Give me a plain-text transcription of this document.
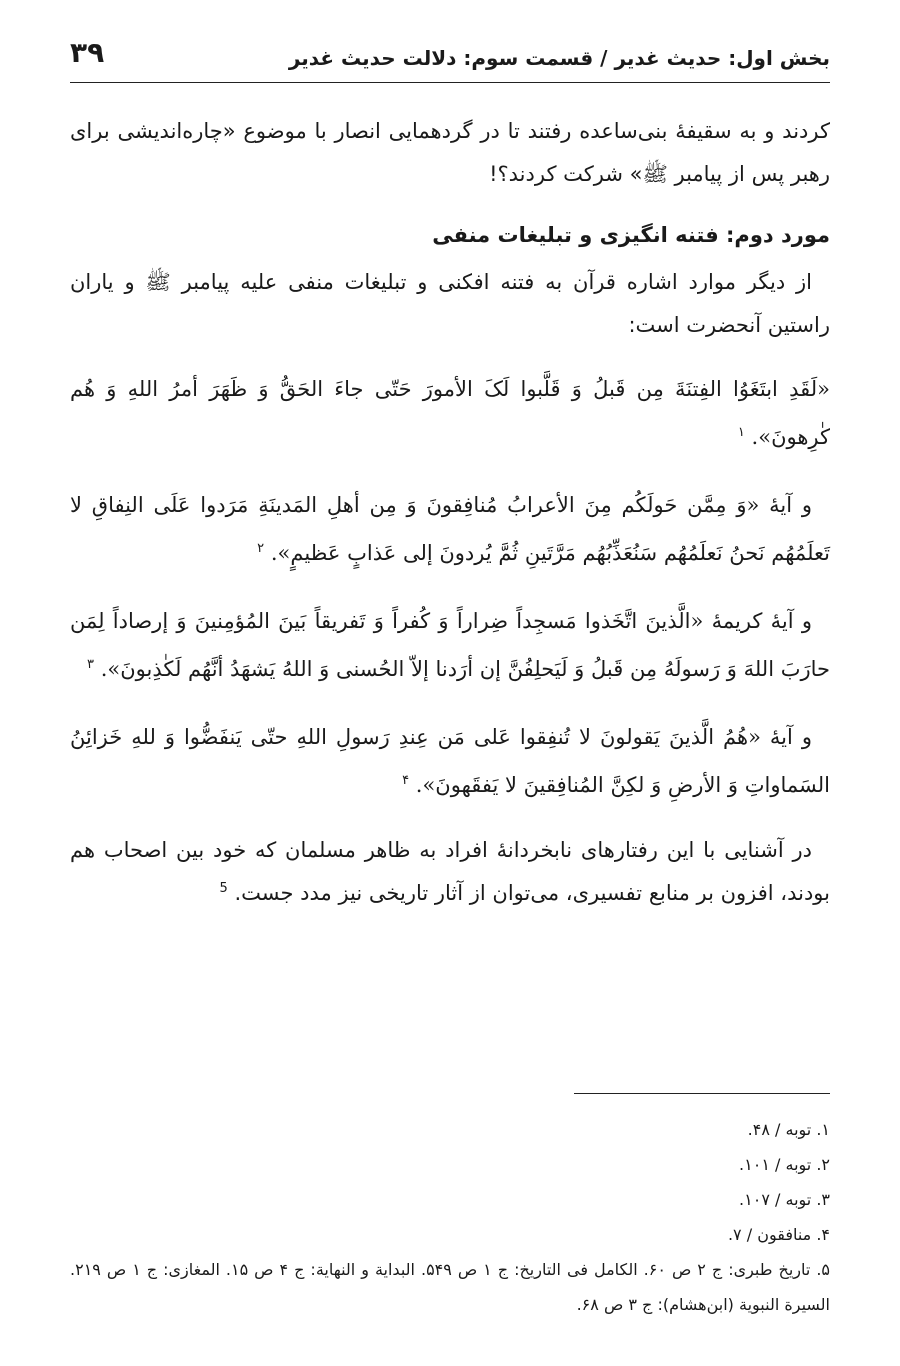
۳۹	بخش اول: حدیث غدیر / قسمت سوم: دلالت حدیث غدیر

کردند و به سقیفهٔ بنی‌ساعده رفتند تا در گردهمایی انصار با موضوع «چاره‌اندیشی برای رهبر پس از پیامبر ﷺ» شرکت کردند؟!

مورد دوم: فتنه انگیزی و تبلیغات منفی

از دیگر موارد اشاره قرآن به فتنه افکنی و تبلیغات منفی علیه پیامبر ﷺ و یاران راستین آنحضرت است:

«لَقَدِ ابتَغَوُا الفِتنَةَ مِن قَبلُ وَ قَلَّبوا لَکَ الأمورَ حَتّی جاءَ الحَقُّ وَ ظَهَرَ أمرُ اللهِ وَ هُم کٰرِهونَ». $^۱$

و آیهٔ «وَ مِمَّن حَولَکُم مِنَ الأعرابُ مُنافِقونَ وَ مِن أهلِ المَدینَةِ مَرَدوا عَلَی النِفاقِ لا تَعلَمُهُم نَحنُ نَعلَمُهُم سَنُعَذِّبُهُم مَرَّتَینِ ثُمَّ یُردونَ إلی عَذابٍ عَظیمٍ». $^۲$

و آیهٔ کریمهٔ «الَّذینَ اتَّخَذوا مَسجِداً ضِراراً وَ کُفراً وَ تَفریقاً بَینَ المُؤمِنینَ وَ إرصاداً لِمَن حارَبَ اللهَ وَ رَسولَهُ مِن قَبلُ وَ لَیَحلِفُنَّ إن أرَدنا إلاّ الحُسنی وَ اللهُ یَشهَدُ أنَّهُم لَکٰذِبونَ». $^۳$

و آیهٔ «هُمُ الَّذینَ یَقولونَ لا تُنفِقوا عَلی مَن عِندِ رَسولِ اللهِ حتّی یَنفَضُّوا وَ للهِ خَزائِنُ السَماواتِ وَ الأرضِ وَ لکِنَّ المُنافِقینَ لا یَفقَهونَ». $^۴$

در آشنایی با این رفتارهای نابخردانهٔ افراد به ظاهر مسلمان که خود بین اصحاب هم بودند، افزون بر منابع تفسیری، می‌توان از آثار تاریخی نیز مدد جست. $^5$

۱. توبه / ۴۸.
۲. توبه / ۱۰۱.
۳. توبه / ۱۰۷.
۴. منافقون / ۷.
۵. تاریخ طبری: ج ۲ ص ۶۰. الکامل فی التاریخ: ج ۱ ص ۵۴۹. البدایة و النهایة: ج ۴ ص ۱۵. المغازی: ج ۱ ص ۲۱۹. السیرة النبویة (ابن‌هشام): ج ۳ ص ۶۸.
